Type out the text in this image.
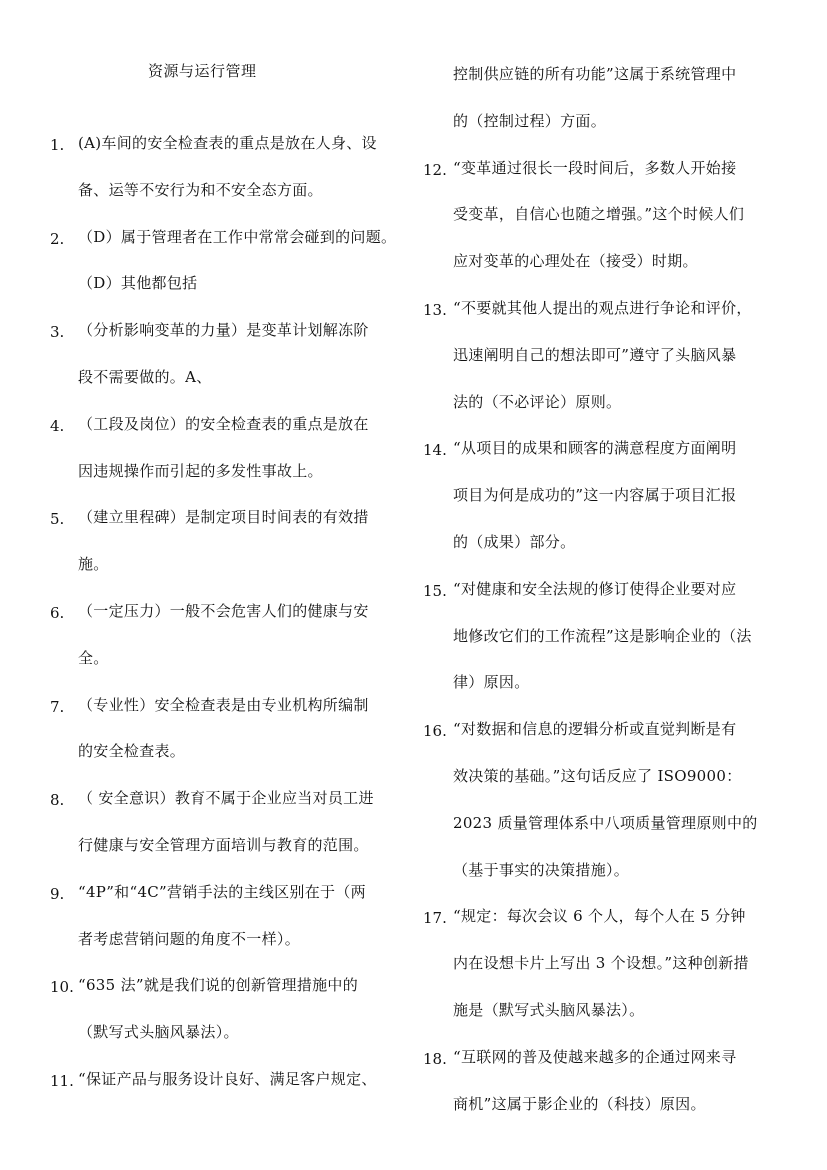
资源与运行管理
1. (A)车间的安全检查表的重点是放在人身、设
备、运等不安行为和不安全态方面。
2. （D）属于管理者在工作中常常会碰到的问题。
（D）其他都包括
3. （分析影响变革的力量）是变革计划解冻阶
段不需要做的。A、
4. （工段及岗位）的安全检查表的重点是放在
因违规操作而引起的多发性事故上。
5. （建立里程碑）是制定项目时间表的有效措
施。
6. （一定压力）一般不会危害人们的健康与安
全。
7. （专业性）安全检查表是由专业机构所编制
的安全检查表。
8. （ 安全意识）教育不属于企业应当对员工进
行健康与安全管理方面培训与教育的范围。
9. “4P”和“4C”营销手法的主线区别在于（两
者考虑营销问题的角度不一样）。
10. “635 法”就是我们说的创新管理措施中的
（默写式头脑风暴法）。
11. “保证产品与服务设计良好、满足客户规定、
控制供应链的所有功能”这属于系统管理中
的（控制过程）方面。
12. “变革通过很长一段时间后，多数人开始接
受变革，自信心也随之增强。”这个时候人们
应对变革的心理处在（接受）时期。
13. “不要就其他人提出的观点进行争论和评价，
迅速阐明自己的想法即可”遵守了头脑风暴
法的（不必评论）原则。
14. “从项目的成果和顾客的满意程度方面阐明
项目为何是成功的”这一内容属于项目汇报
的（成果）部分。
15. “对健康和安全法规的修订使得企业要对应
地修改它们的工作流程”这是影响企业的（法
律）原因。
16. “对数据和信息的逻辑分析或直觉判断是有
效决策的基础。”这句话反应了 ISO9000：
2023 质量管理体系中八项质量管理原则中的
（基于事实的决策措施）。
17. “规定：每次会议 6 个人，每个人在 5 分钟
内在设想卡片上写出 3 个设想。”这种创新措
施是（默写式头脑风暴法）。
18. “互联网的普及使越来越多的企通过网来寻
商机”这属于影企业的（科技）原因。
